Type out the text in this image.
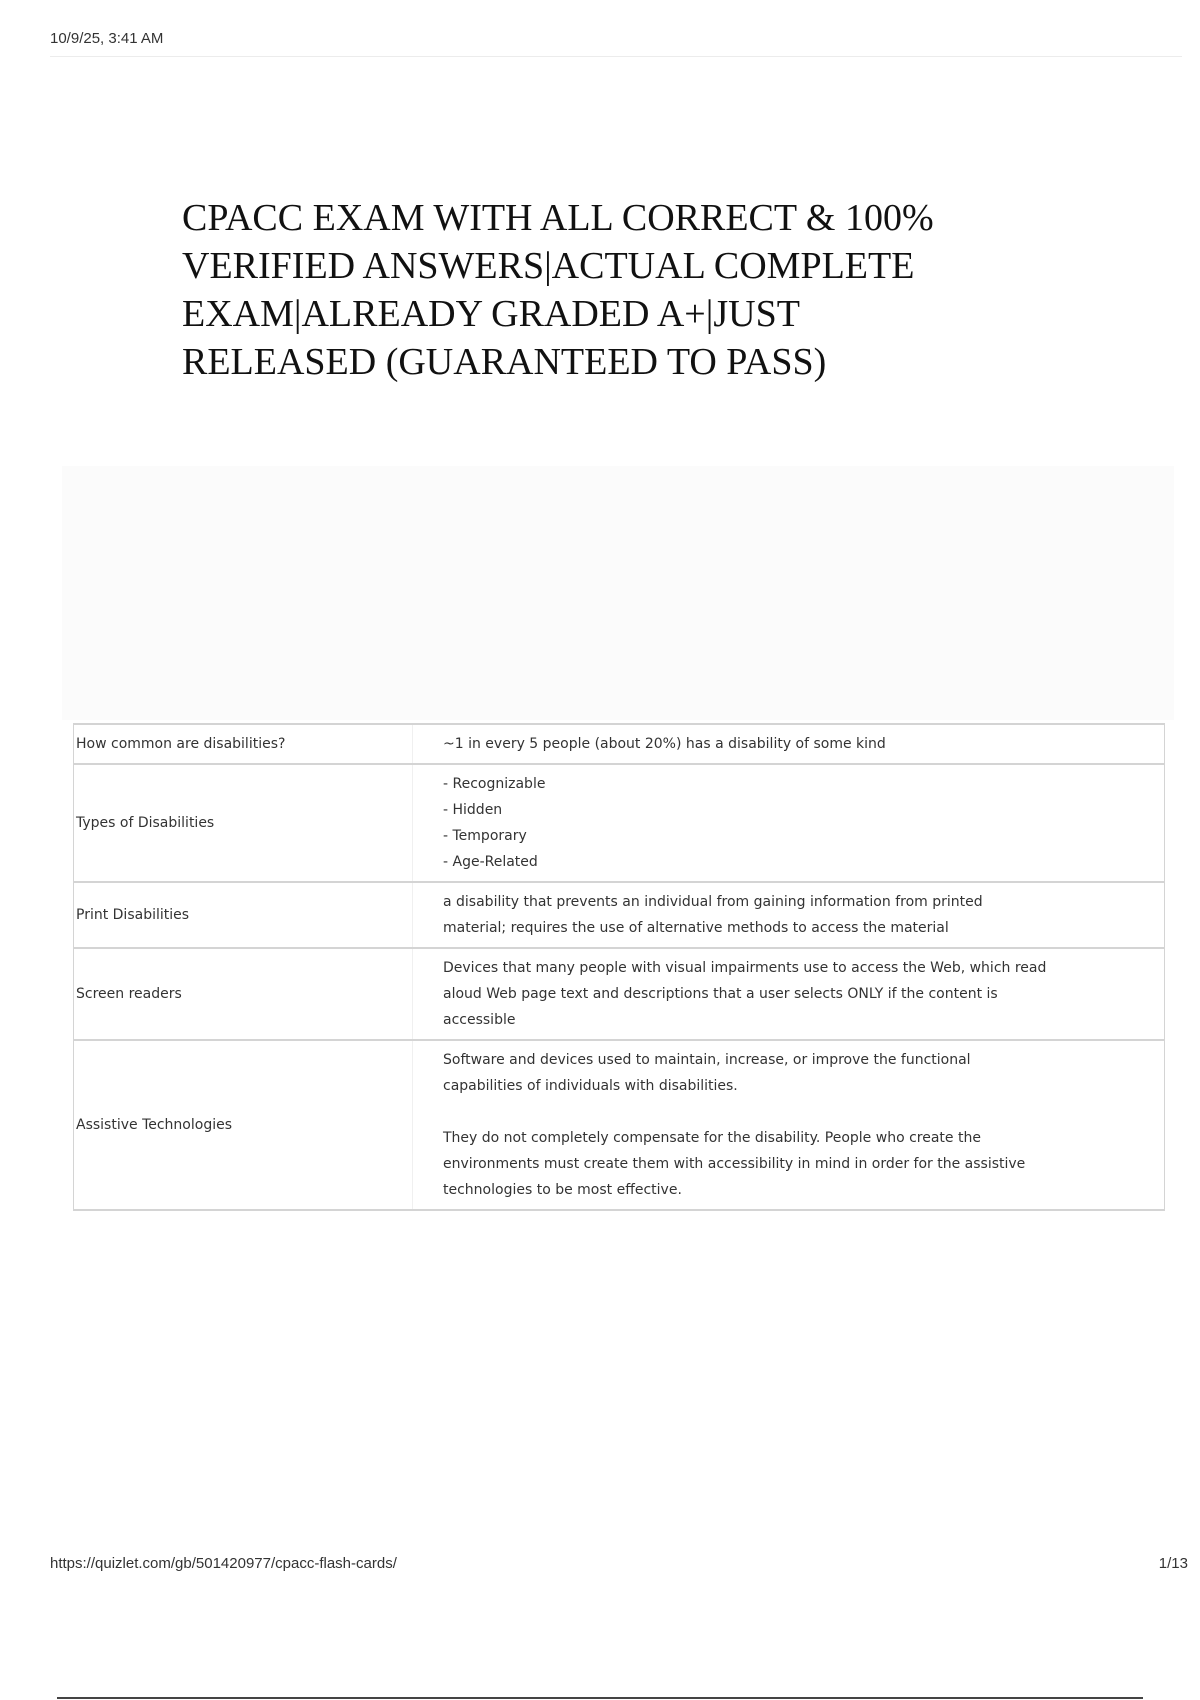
10/9/25, 3:41 AM
CPACC EXAM WITH ALL CORRECT & 100%
VERIFIED ANSWERS|ACTUAL COMPLETE
EXAM|ALREADY GRADED A+|JUST
RELEASED (GUARANTEED TO PASS)
How common are disabilities?	~1 in every 5 people (about 20%) has a disability of some kind

Types of Disabilities	- Recognizable
- Hidden
- Temporary
- Age-Related

Print Disabilities	a disability that prevents an individual from gaining information from printed
material; requires the use of alternative methods to access the material

Screen readers	Devices that many people with visual impairments use to access the Web, which read
aloud Web page text and descriptions that a user selects ONLY if the content is
accessible

Assistive Technologies	Software and devices used to maintain, increase, or improve the functional
capabilities of individuals with disabilities.
They do not completely compensate for the disability. People who create the
environments must create them with accessibility in mind in order for the assistive
technologies to be most effective.
https://quizlet.com/gb/501420977/cpacc-flash-cards/	1/13
